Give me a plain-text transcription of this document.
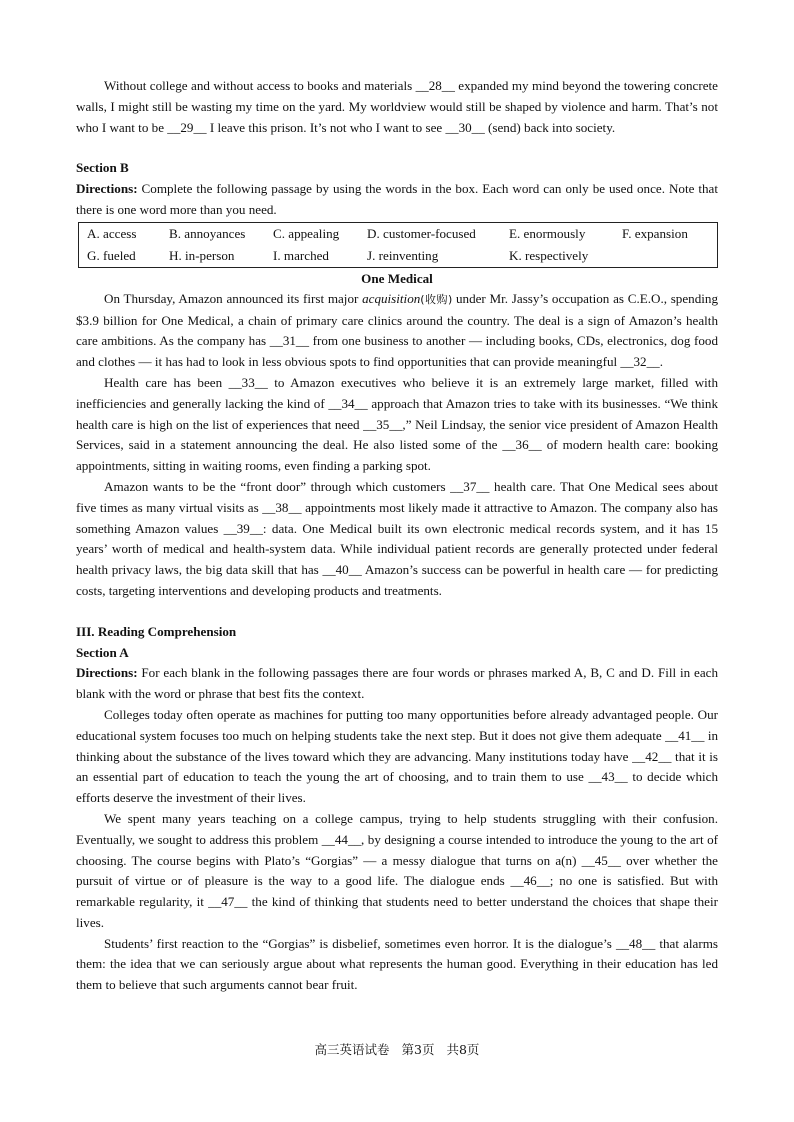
Without college and without access to books and materials __28__ expanded my mind beyond the towering concrete walls, I might still be wasting my time on the yard. My worldview would still be shaped by violence and harm. That’s not who I want to be __29__ I leave this prison. It’s not who I want to see __30__ (send) back into society.

Section B

Directions: Complete the following passage by using the words in the box. Each word can only be used once. Note that there is one word more than you need.

A. access	B. annoyances	C. appealing	D. customer-focused	E. enormously	F. expansion
G. fueled	H. in-person	I. marched	J. reinventing	K. respectively
One Medical

On Thursday, Amazon announced its first major acquisition(收购) under Mr. Jassy’s occupation as C.E.O., spending $3.9 billion for One Medical, a chain of primary care clinics around the country. The deal is a sign of Amazon’s health care ambitions. As the company has __31__ from one business to another — including books, CDs, electronics, dog food and clothes — it has had to look in less obvious spots to find opportunities that can provide meaningful __32__.

Health care has been __33__ to Amazon executives who believe it is an extremely large market, filled with inefficiencies and generally lacking the kind of __34__ approach that Amazon tries to take with its businesses. “We think health care is high on the list of experiences that need __35__,” Neil Lindsay, the senior vice president of Amazon Health Services, said in a statement announcing the deal. He also listed some of the __36__ of modern health care: booking appointments, sitting in waiting rooms, even finding a parking spot.

Amazon wants to be the “front door” through which customers __37__ health care. That One Medical sees about five times as many virtual visits as __38__ appointments most likely made it attractive to Amazon. The company also has something Amazon values __39__: data. One Medical built its own electronic medical records system, and it has 15 years’ worth of medical and health-system data. While individual patient records are generally protected under federal health privacy laws, the big data skill that has __40__ Amazon’s success can be powerful in health care — for predicting costs, targeting interventions and developing products and treatments.

III. Reading Comprehension
Section A

Directions: For each blank in the following passages there are four words or phrases marked A, B, C and D. Fill in each blank with the word or phrase that best fits the context.

Colleges today often operate as machines for putting too many opportunities before already advantaged people. Our educational system focuses too much on helping students take the next step. But it does not give them adequate __41__ in thinking about the substance of the lives toward which they are advancing. Many institutions today have __42__ that it is an essential part of education to teach the young the art of choosing, and to train them to use __43__ to decide which efforts deserve the investment of their lives.

We spent many years teaching on a college campus, trying to help students struggling with their confusion. Eventually, we sought to address this problem __44__, by designing a course intended to introduce the young to the art of choosing. The course begins with Plato’s “Gorgias” — a messy dialogue that turns on a(n) __45__ over whether the pursuit of virtue or of pleasure is the way to a good life. The dialogue ends __46__; no one is satisfied. But with remarkable regularity, it __47__ the kind of thinking that students need to better understand the choices that shape their lives.

Students’ first reaction to the “Gorgias” is disbelief, sometimes even horror. It is the dialogue’s __48__ that alarms them: the idea that we can seriously argue about what represents the human good. Everything in their education has led them to believe that such arguments cannot bear fruit.

高三英语试卷 第3页 共8页
